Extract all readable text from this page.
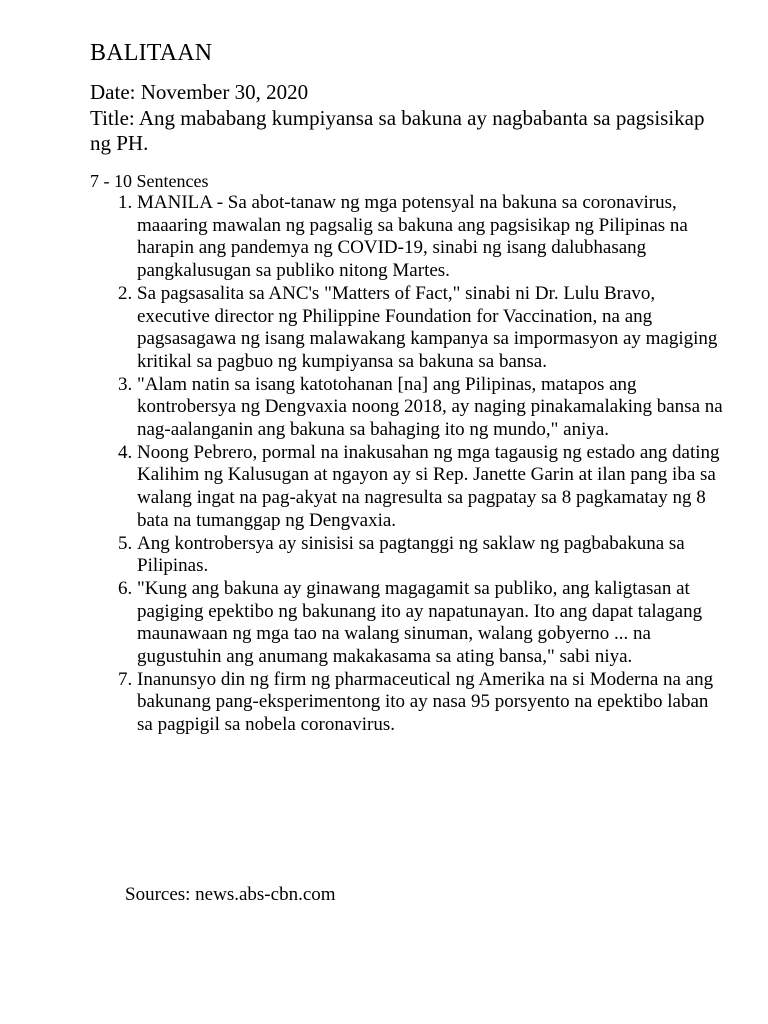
BALITAAN
Date: November 30, 2020
Title: Ang mababang kumpiyansa sa bakuna ay nagbabanta sa pagsisikap ng PH.
7 - 10 Sentences
1. MANILA - Sa abot-tanaw ng mga potensyal na bakuna sa coronavirus, maaaring mawalan ng pagsalig sa bakuna ang pagsisikap ng Pilipinas na harapin ang pandemya ng COVID-19, sinabi ng isang dalubhasang pangkalusugan sa publiko nitong Martes.
2. Sa pagsasalita sa ANC's "Matters of Fact," sinabi ni Dr. Lulu Bravo, executive director ng Philippine Foundation for Vaccination, na ang pagsasagawa ng isang malawakang kampanya sa impormasyon ay magiging kritikal sa pagbuo ng kumpiyansa sa bakuna sa bansa.
3. "Alam natin sa isang katotohanan [na] ang Pilipinas, matapos ang kontrobersya ng Dengvaxia noong 2018, ay naging pinakamalaking bansa na nag-aalanganin ang bakuna sa bahaging ito ng mundo," aniya.
4. Noong Pebrero, pormal na inakusahan ng mga tagausig ng estado ang dating Kalihim ng Kalusugan at ngayon ay si Rep. Janette Garin at ilan pang iba sa walang ingat na pag-akyat na nagresulta sa pagpatay sa 8 pagkamatay ng 8 bata na tumanggap ng Dengvaxia.
5. Ang kontrobersya ay sinisisi sa pagtanggi ng saklaw ng pagbabakuna sa Pilipinas.
6. "Kung ang bakuna ay ginawang magagamit sa publiko, ang kaligtasan at pagiging epektibo ng bakunang ito ay napatunayan. Ito ang dapat talagang maunawaan ng mga tao na walang sinuman, walang gobyerno ... na gugustuhin ang anumang makakasama sa ating bansa," sabi niya.
7. Inanunsyo din ng firm ng pharmaceutical ng Amerika na si Moderna na ang bakunang pang-eksperimentong ito ay nasa 95 porsyento na epektibo laban sa pagpigil sa nobela coronavirus.
Sources: news.abs-cbn.com
